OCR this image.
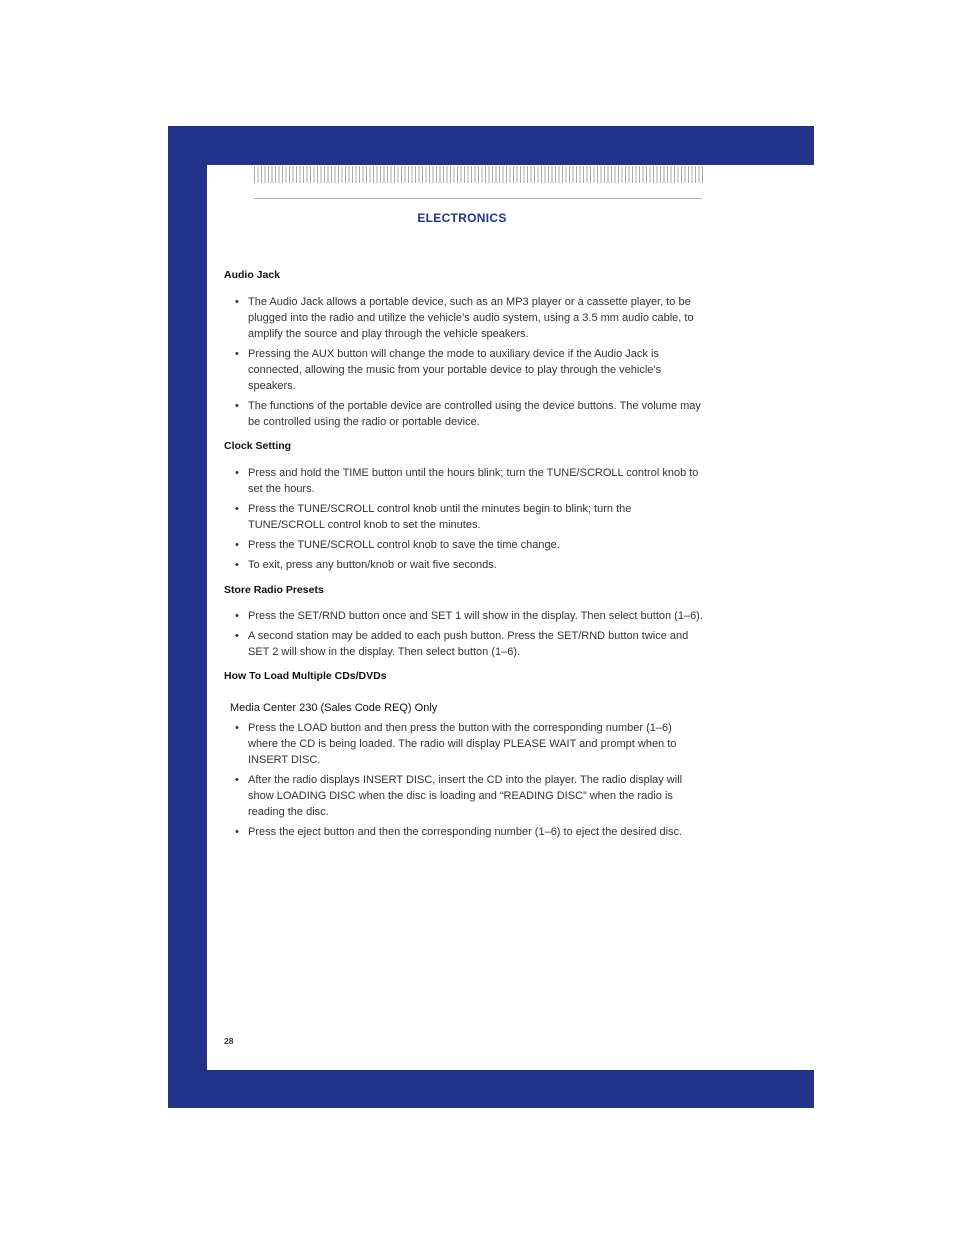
ELECTRONICS
Audio Jack
• The Audio Jack allows a portable device, such as an MP3 player or a cassette player, to be plugged into the radio and utilize the vehicle’s audio system, using a 3.5 mm audio cable, to amplify the source and play through the vehicle speakers.
• Pressing the AUX button will change the mode to auxiliary device if the Audio Jack is connected, allowing the music from your portable device to play through the vehicle’s speakers.
• The functions of the portable device are controlled using the device buttons. The volume may be controlled using the radio or portable device.
Clock Setting
• Press and hold the TIME button until the hours blink; turn the TUNE/SCROLL control knob to set the hours.
• Press the TUNE/SCROLL control knob until the minutes begin to blink; turn the TUNE/SCROLL control knob to set the minutes.
• Press the TUNE/SCROLL control knob to save the time change.
• To exit, press any button/knob or wait five seconds.
Store Radio Presets
• Press the SET/RND button once and SET 1 will show in the display. Then select button (1–6).
• A second station may be added to each push button. Press the SET/RND button twice and SET 2 will show in the display. Then select button (1–6).
How To Load Multiple CDs/DVDs
Media Center 230 (Sales Code REQ) Only
• Press the LOAD button and then press the button with the corresponding number (1–6) where the CD is being loaded. The radio will display PLEASE WAIT and prompt when to INSERT DISC.
• After the radio displays INSERT DISC, insert the CD into the player. The radio display will show LOADING DISC when the disc is loading and “READING DISC” when the radio is reading the disc.
• Press the eject button and then the corresponding number (1–6) to eject the desired disc.
28
